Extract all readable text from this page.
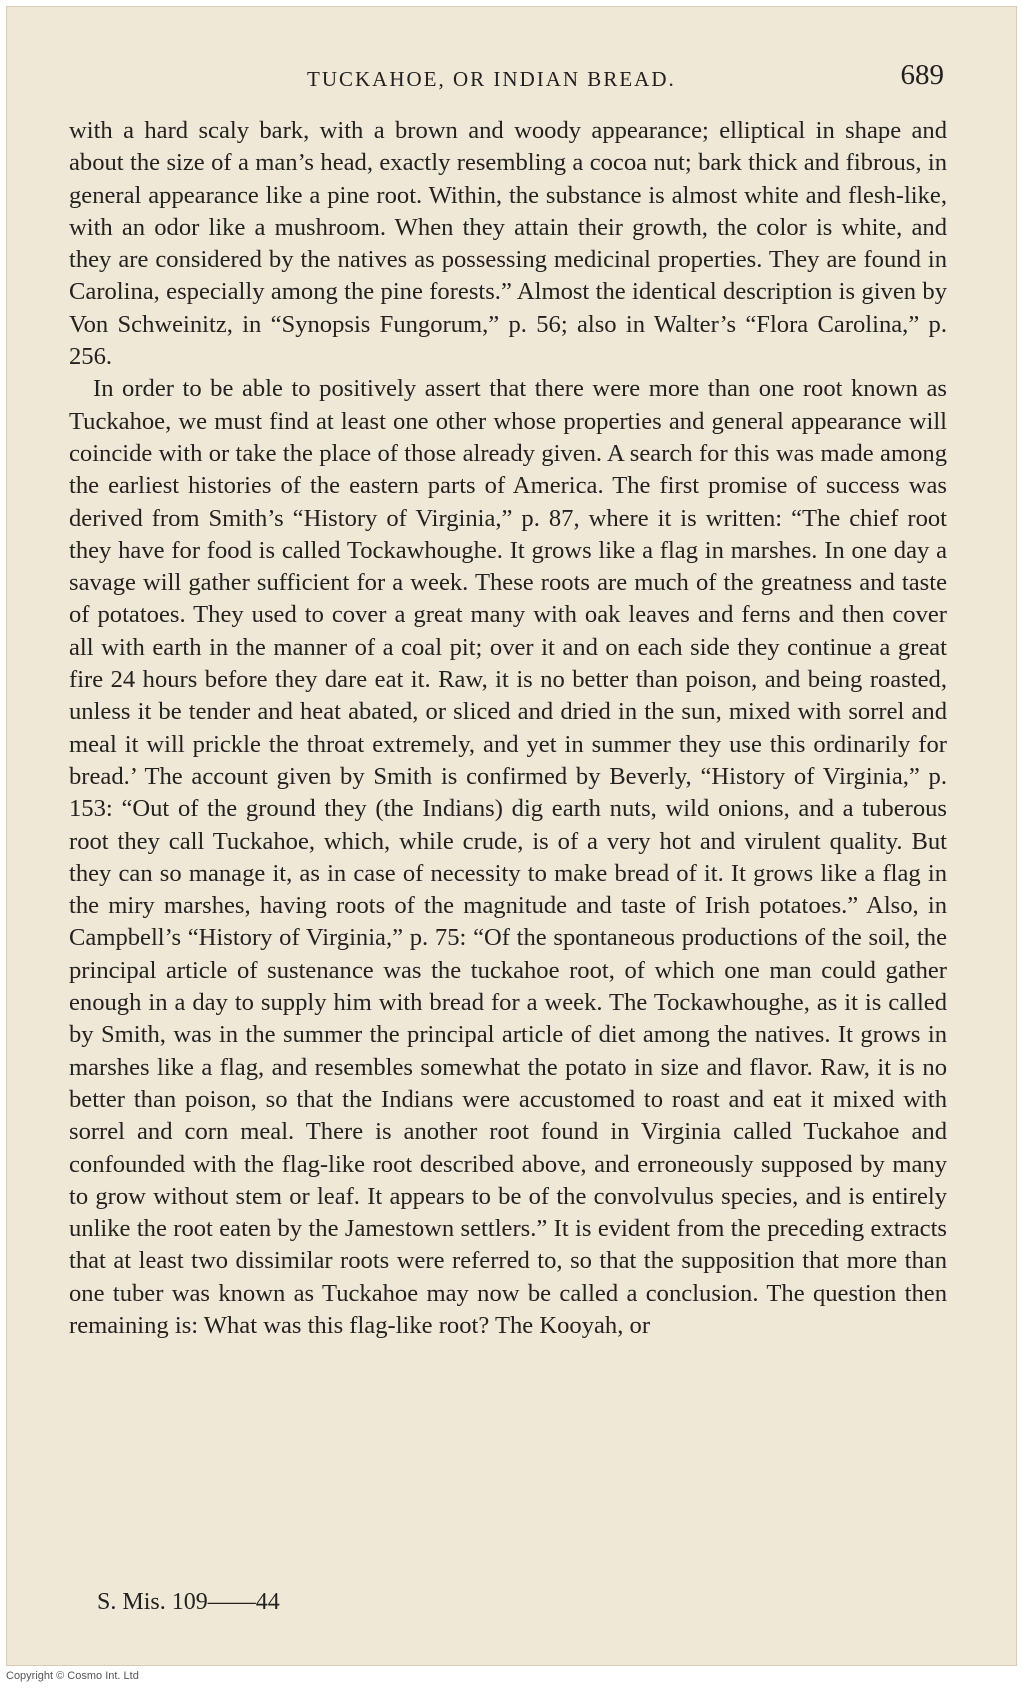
TUCKAHOE, OR INDIAN BREAD.	689

with a hard scaly bark, with a brown and woody appearance; elliptical in shape and about the size of a man’s head, exactly resembling a cocoa nut; bark thick and fibrous, in general appearance like a pine root. Within, the substance is almost white and flesh-like, with an odor like a mushroom. When they attain their growth, the color is white, and they are considered by the natives as possessing medicinal properties. They are found in Carolina, especially among the pine forests.” Almost the identical description is given by Von Schweinitz, in “Synopsis Fungorum,” p. 56; also in Walter’s “Flora Carolina,” p. 256.

In order to be able to positively assert that there were more than one root known as Tuckahoe, we must find at least one other whose properties and general appearance will coincide with or take the place of those already given. A search for this was made among the earliest histories of the eastern parts of America. The first promise of success was derived from Smith’s “History of Virginia,” p. 87, where it is written: “The chief root they have for food is called Tockawhoughe. It grows like a flag in marshes. In one day a savage will gather sufficient for a week. These roots are much of the greatness and taste of potatoes. They used to cover a great many with oak leaves and ferns and then cover all with earth in the manner of a coal pit; over it and on each side they continue a great fire 24 hours before they dare eat it. Raw, it is no better than poison, and being roasted, unless it be tender and heat abated, or sliced and dried in the sun, mixed with sorrel and meal it will prickle the throat extremely, and yet in summer they use this ordinarily for bread.’ The account given by Smith is confirmed by Beverly, “History of Virginia,” p. 153: “Out of the ground they (the Indians) dig earth nuts, wild onions, and a tuberous root they call Tuckahoe, which, while crude, is of a very hot and virulent quality. But they can so manage it, as in case of necessity to make bread of it. It grows like a flag in the miry marshes, having roots of the magnitude and taste of Irish potatoes.” Also, in Campbell’s “History of Virginia,” p. 75: “Of the spontaneous productions of the soil, the principal article of sustenance was the tuckahoe root, of which one man could gather enough in a day to supply him with bread for a week. The Tockawhoughe, as it is called by Smith, was in the summer the principal article of diet among the natives. It grows in marshes like a flag, and resembles somewhat the potato in size and flavor. Raw, it is no better than poison, so that the Indians were accustomed to roast and eat it mixed with sorrel and corn meal. There is another root found in Virginia called Tuckahoe and confounded with the flag-like root described above, and erroneously supposed by many to grow without stem or leaf. It appears to be of the convolvulus species, and is entirely unlike the root eaten by the Jamestown settlers.” It is evident from the preceding extracts that at least two dissimilar roots were referred to, so that the supposition that more than one tuber was known as Tuckahoe may now be called a conclusion. The question then remaining is: What was this flag-like root? The Kooyah, or

S. Mis. 109——44
Copyright © Cosmo Int. Ltd
